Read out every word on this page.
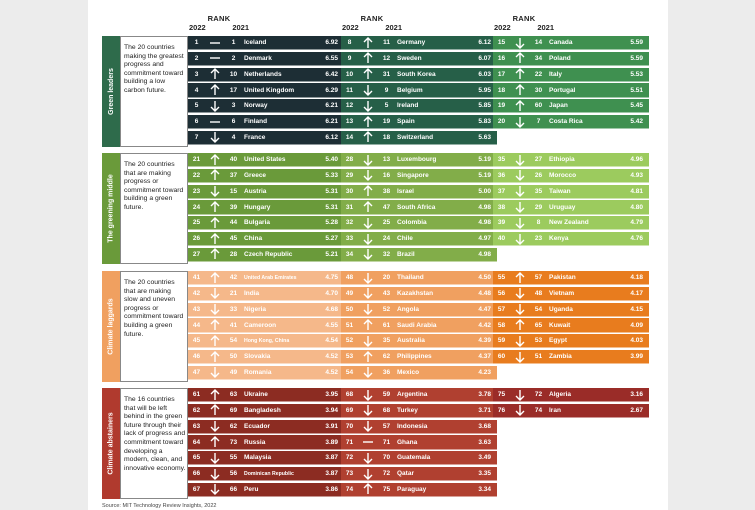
RANK
2022	2021
RANK
2022	2021
RANK
2022	2021
Green leaders
The 20 countries making the greatest progress and commitment toward building a low carbon future.
The greening middle
The 20 countries that are making progress or commitment toward building a green future.
Climate laggards
The 20 countries that are making slow and uneven progress or commitment toward building a green future.
Climate abstainers
The 16 countries that will be left behind in the green future through their lack of progress and commitment toward developing a modern, clean, and innovative economy.
1	1	Iceland	6.92
2	2	Denmark	6.55
3	10	Netherlands	6.42
4	17	United Kingdom	6.29
5	3	Norway	6.21
6	6	Finland	6.21
7	4	France	6.12
8	11	Germany	6.12
9	12	Sweden	6.07
10	31	South Korea	6.03
11	9	Belgium	5.95
12	5	Ireland	5.85
13	19	Spain	5.83
14	18	Switzerland	5.63
15	14	Canada	5.59
16	34	Poland	5.59
17	22	Italy	5.53
18	30	Portugal	5.51
19	60	Japan	5.45
20	7	Costa Rica	5.42
21	40	United States	5.40
22	37	Greece	5.33
23	15	Austria	5.31
24	39	Hungary	5.31
25	44	Bulgaria	5.28
26	45	China	5.27
27	28	Czech Republic	5.21
28	13	Luxembourg	5.19
29	16	Singapore	5.19
30	38	Israel	5.00
31	47	South Africa	4.98
32	25	Colombia	4.98
33	24	Chile	4.97
34	32	Brazil	4.98
35	27	Ethiopia	4.96
36	26	Morocco	4.93
37	35	Taiwan	4.81
38	29	Uruguay	4.80
39	8	New Zealand	4.79
40	23	Kenya	4.76
41	42	United Arab Emirates	4.75
42	21	India	4.70
43	33	Nigeria	4.68
44	41	Cameroon	4.55
45	54	Hong Kong, China	4.54
46	50	Slovakia	4.52
47	49	Romania	4.52
48	20	Thailand	4.50
49	43	Kazakhstan	4.48
50	52	Angola	4.47
51	61	Saudi Arabia	4.42
52	35	Australia	4.39
53	62	Philippines	4.37
54	36	Mexico	4.23
55	57	Pakistan	4.18
56	48	Vietnam	4.17
57	54	Uganda	4.15
58	65	Kuwait	4.09
59	53	Egypt	4.03
60	51	Zambia	3.99
61	63	Ukraine	3.95
62	69	Bangladesh	3.94
63	62	Ecuador	3.91
64	73	Russia	3.89
65	55	Malaysia	3.87
66	56	Dominican Republic	3.87
67	66	Peru	3.86
68	59	Argentina	3.78
69	68	Turkey	3.71
70	57	Indonesia	3.68
71	71	Ghana	3.63
72	70	Guatemala	3.49
73	72	Qatar	3.35
74	75	Paraguay	3.34
75	72	Algeria	3.16
76	74	Iran	2.67
Source: MIT Technology Review Insights, 2022
